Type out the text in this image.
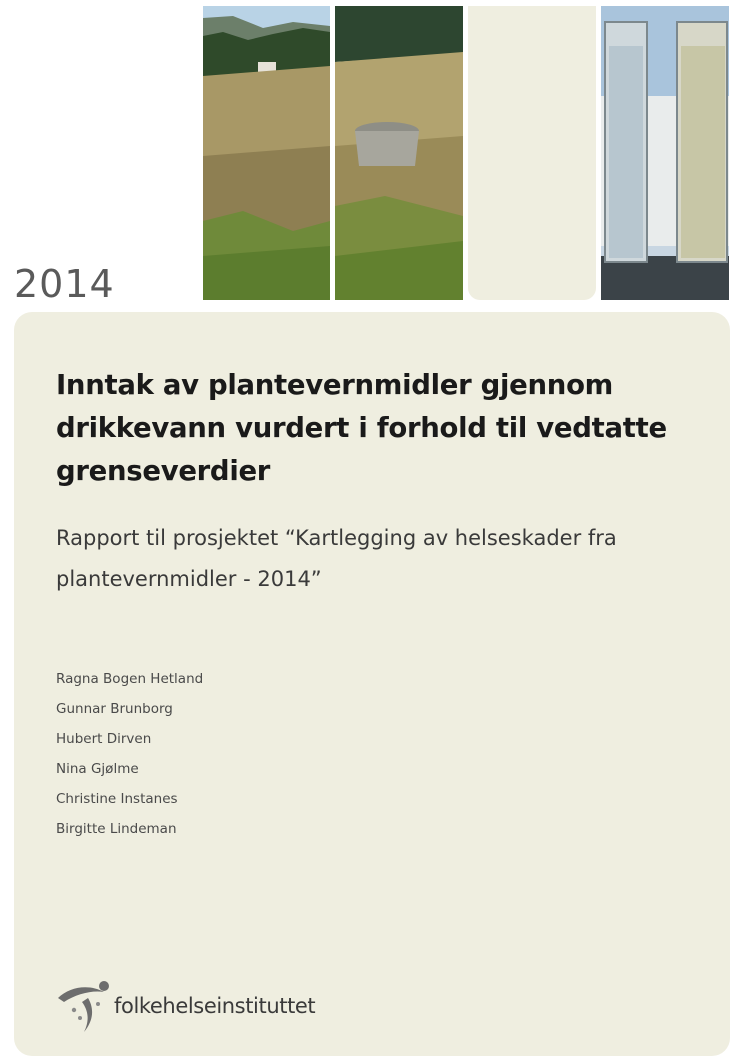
2014
Inntak av plantevernmidler gjennom drikkevann vurdert i forhold til vedtatte grenseverdier

Rapport til prosjektet “Kartlegging av helseskader fra plantevernmidler - 2014”

Ragna Bogen Hetland
Gunnar Brunborg
Hubert Dirven
Nina Gjølme
Christine Instanes
Birgitte Lindeman
folkehelseinstituttet
